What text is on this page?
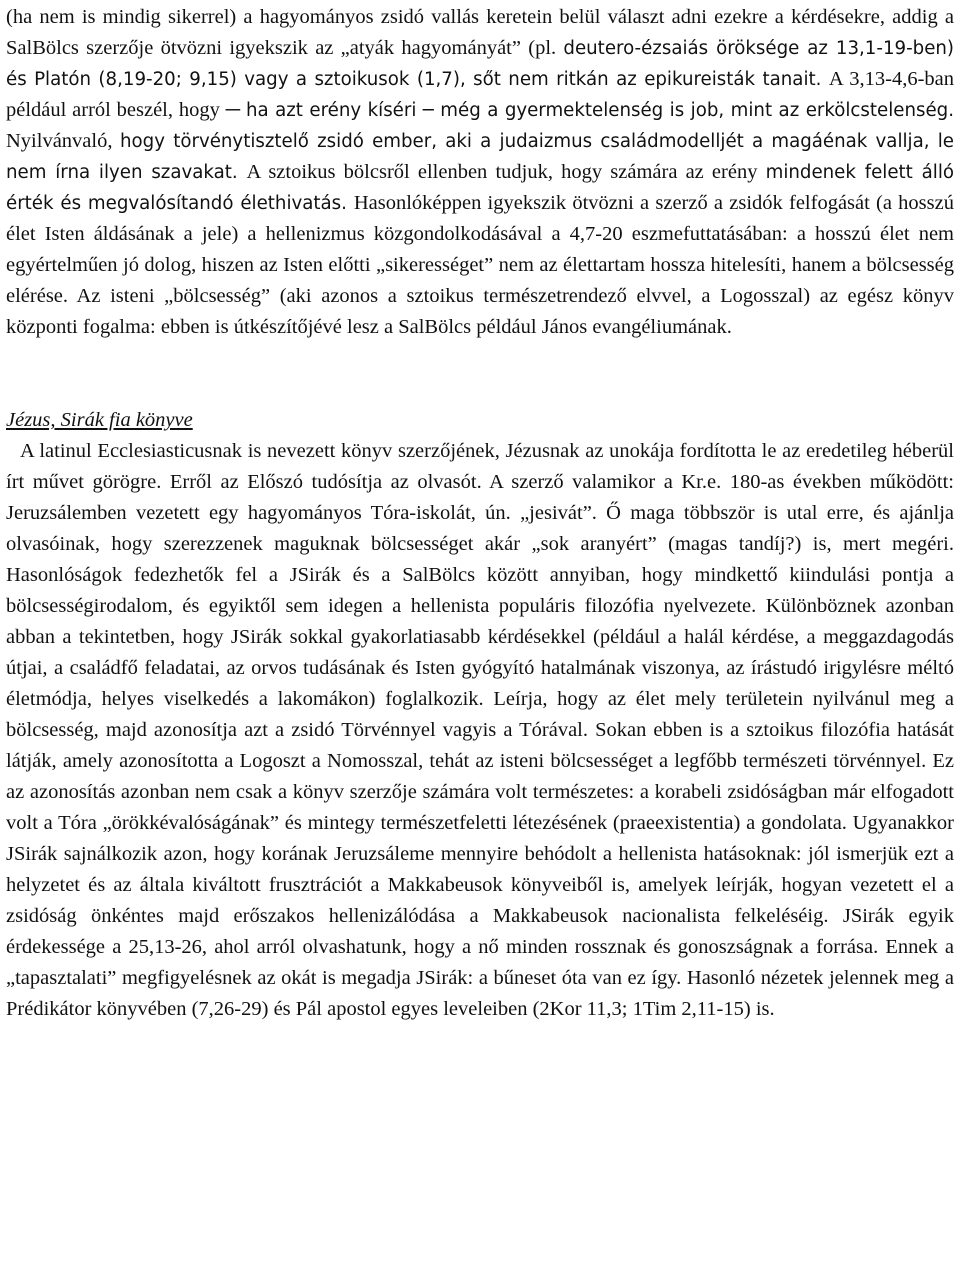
(ha nem is mindig sikerrel) a hagyományos zsidó vallás keretein belül választ adni ezekre a kérdésekre, addig a SalBölcs szerzője ötvözni igyekszik az „atyák hagyományát” (pl. deutero-ézsaiás öröksége az 13,1-19-ben) és Platón (8,19-20; 9,15) vagy a sztoikusok (1,7), sőt nem ritkán az epikureisták tanait. A 3,13-4,6-ban például arról beszél, hogy ─ ha azt erény kíséri ─ még a gyermektelenség is job, mint az erkölcstelenség. Nyilvánvaló, hogy törvénytisztelő zsidó ember, aki a judaizmus családmodelljét a magáénak vallja, le nem írna ilyen szavakat. A sztoikus bölcsről ellenben tudjuk, hogy számára az erény mindenek felett álló érték és megvalósítandó élethivatás. Hasonlóképpen igyekszik ötvözni a szerző a zsidók felfogását (a hosszú élet Isten áldásának a jele) a hellenizmus közgondolkodásával a 4,7-20 eszmefuttatásában: a hosszú élet nem egyértelműen jó dolog, hiszen az Isten előtti „sikerességet” nem az élettartam hossza hitelesíti, hanem a bölcsesség elérése. Az isteni „bölcsesség” (aki azonos a sztoikus természetrendező elvvel, a Logosszal) az egész könyv központi fogalma: ebben is útkészítőjévé lesz a SalBölcs például János evangéliumának.

Jézus, Sirák fia könyve

A latinul Ecclesiasticusnak is nevezett könyv szerzőjének, Jézusnak az unokája fordította le az eredetileg héberül írt művet görögre. Erről az Előszó tudósítja az olvasót. A szerző valamikor a Kr.e. 180-as években működött: Jeruzsálemben vezetett egy hagyományos Tóra-iskolát, ún. „jesivát”. Ő maga többször is utal erre, és ajánlja olvasóinak, hogy szerezzenek maguknak bölcsességet akár „sok aranyért” (magas tandíj?) is, mert megéri. Hasonlóságok fedezhetők fel a JSirák és a SalBölcs között annyiban, hogy mindkettő kiindulási pontja a bölcsességirodalom, és egyiktől sem idegen a hellenista populáris filozófia nyelvezete. Különböznek azonban abban a tekintetben, hogy JSirák sokkal gyakorlatiasabb kérdésekkel (például a halál kérdése, a meggazdagodás útjai, a családfő feladatai, az orvos tudásának és Isten gyógyító hatalmának viszonya, az írástudó irigylésre méltó életmódja, helyes viselkedés a lakomákon) foglalkozik. Leírja, hogy az élet mely területein nyilvánul meg a bölcsesség, majd azonosítja azt a zsidó Törvénnyel vagyis a Tórával. Sokan ebben is a sztoikus filozófia hatását látják, amely azonosította a Logoszt a Nomosszal, tehát az isteni bölcsességet a legfőbb természeti törvénnyel. Ez az azonosítás azonban nem csak a könyv szerzője számára volt természetes: a korabeli zsidóságban már elfogadott volt a Tóra „örökkévalóságának” és mintegy természetfeletti létezésének (praeexistentia) a gondolata. Ugyanakkor JSirák sajnálkozik azon, hogy korának Jeruzsáleme mennyire behódolt a hellenista hatásoknak: jól ismerjük ezt a helyzetet és az általa kiváltott frusztrációt a Makkabeusok könyveiből is, amelyek leírják, hogyan vezetett el a zsidóság önkéntes majd erőszakos hellenizálódása a Makkabeusok nacionalista felkeléséig. JSirák egyik érdekessége a 25,13-26, ahol arról olvashatunk, hogy a nő minden rossznak és gonoszságnak a forrása. Ennek a „tapasztalati” megfigyelésnek az okát is megadja JSirák: a bűneset óta van ez így. Hasonló nézetek jelennek meg a Prédikátor könyvében (7,26-29) és Pál apostol egyes leveleiben (2Kor 11,3; 1Tim 2,11-15) is.
